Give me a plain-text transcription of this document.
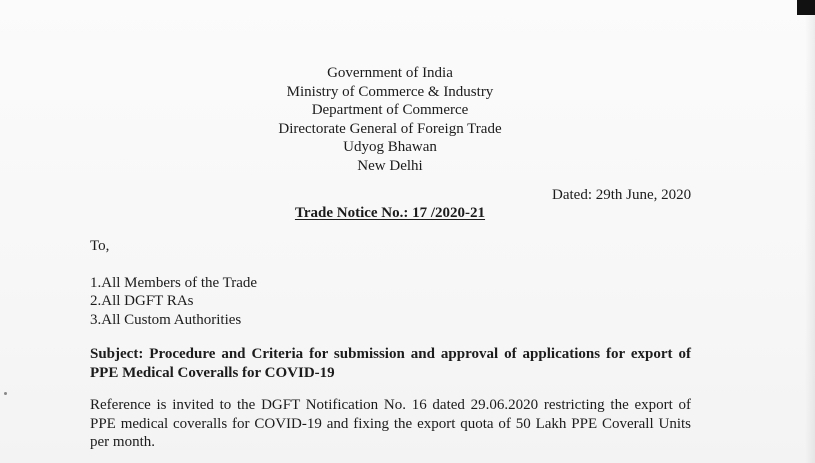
Government of India
Ministry of Commerce & Industry
Department of Commerce
Directorate General of Foreign Trade
Udyog Bhawan
New Delhi
Dated: 29th June, 2020
Trade Notice No.: 17 /2020-21
To,
1.All Members of the Trade
2.All DGFT RAs
3.All Custom Authorities

Subject: Procedure and Criteria for submission and approval of applications for export of PPE Medical Coveralls for COVID-19

Reference is invited to the DGFT Notification No. 16 dated 29.06.2020 restricting the export of PPE medical coveralls for COVID-19 and fixing the export quota of 50 Lakh PPE Coverall Units per month.
